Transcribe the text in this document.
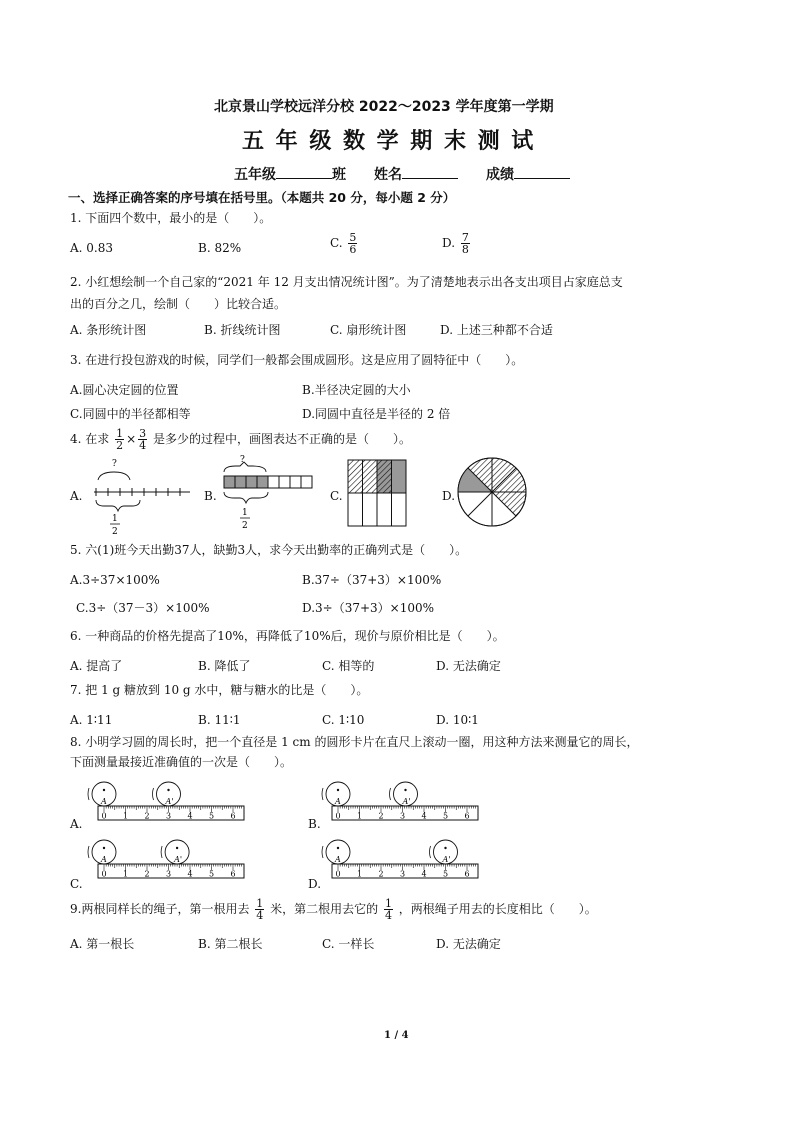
北京景山学校远洋分校 2022～2023 学年度第一学期
五 年 级 数 学 期 末 测 试
五年级	班 姓名	成绩
一、选择正确答案的序号填在括号里。（本题共 20 分，每小题 2 分）
1. 下面四个数中，最小的是（　　）。
A. 0.83	B. 82%	C. $\frac{5}{6}$	D. $\frac{7}{8}$
2. 小红想绘制一个自己家的“2021 年 12 月支出情况统计图”。为了清楚地表示出各支出项目占家庭总支
出的百分之几，绘制（　　）比较合适。
A. 条形统计图	B. 折线统计图	C. 扇形统计图	D. 上述三种都不合适
3. 在进行投包游戏的时候，同学们一般都会围成圆形。这是应用了圆特征中（　　）。
A.圆心决定圆的位置	B.半径决定圆的大小
C.同圆中的半径都相等	D.同圆中直径是半径的 2 倍
4. 在求 $\frac{1}{2} \times \frac{3}{4}$ 是多少的过程中，画图表达不正确的是（　　）。
A.
?
1
2
B.
?
1
2
C.	D.
5. 六(1)班今天出勤37人，缺勤3人，求今天出勤率的正确列式是（　　）。
A.3÷37×100%	B.37÷（37+3）×100%
C.3÷（37－3）×100%	D.3÷（37+3）×100%
6. 一种商品的价格先提高了10%，再降低了10%后，现价与原价相比是（　　）。
A. 提高了	B. 降低了	C. 相等的	D. 无法确定
7. 把 1 g 糖放到 10 g 水中，糖与糖水的比是（　　）。
A. 1∶11	B. 11∶1	C. 1∶10	D. 10∶1
8. 小明学习圆的周长时，把一个直径是 1 cm 的圆形卡片在直尺上滚动一圈，用这种方法来测量它的周长，
下面测量最接近准确值的一次是（　　）。
A.
0 1 2 3 4 5 6
A	A'
B.
0 1 2 3 4 5 6
A	A'
C.
0 1 2 3 4 5 6
A	A'
D.
0 1 2 3 4 5 6
A	A'
9.两根同样长的绳子，第一根用去 $\frac{1}{4}$ 米，第二根用去它的 $\frac{1}{4}$ ，两根绳子用去的长度相比（　　）。
A. 第一根长	B. 第二根长	C. 一样长	D. 无法确定
1 / 4
